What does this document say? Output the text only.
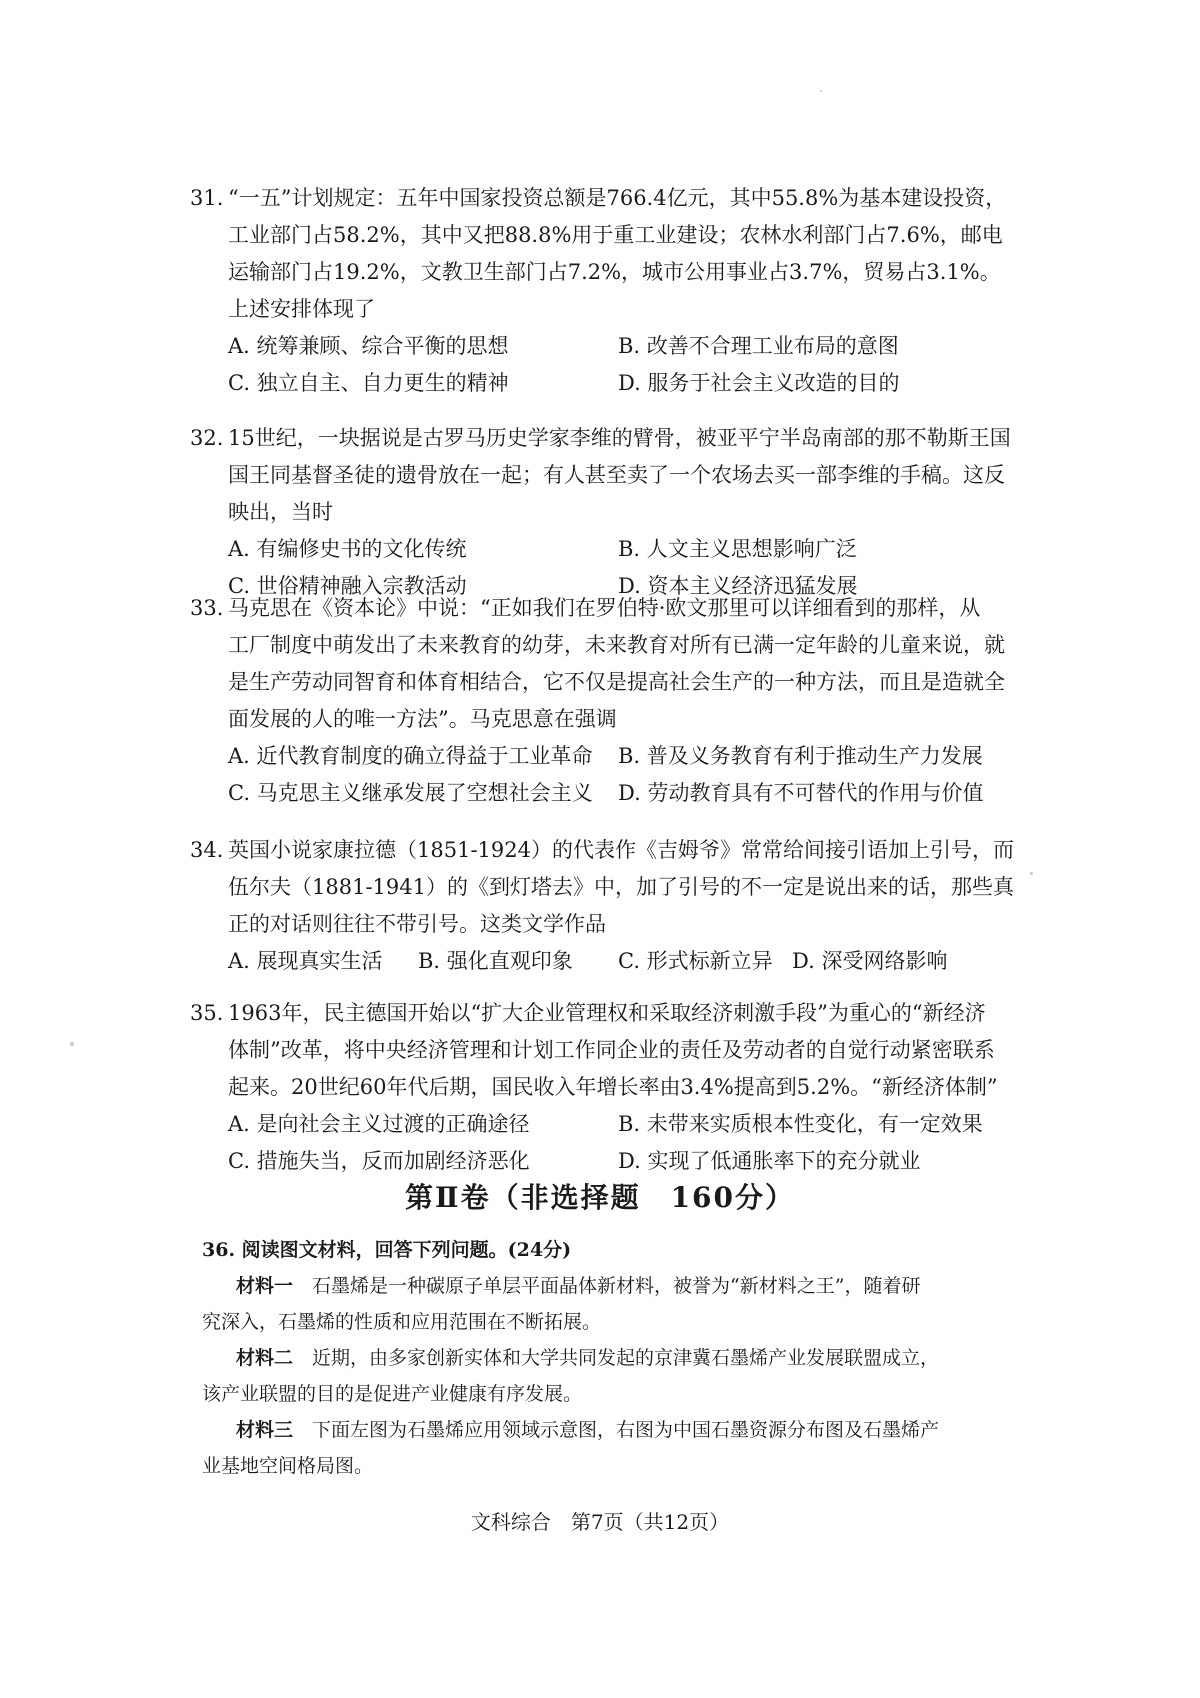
31. “一五”计划规定：五年中国家投资总额是766.4亿元，其中55.8%为基本建设投资，
工业部门占58.2%，其中又把88.8%用于重工业建设；农林水利部门占7.6%，邮电
运输部门占19.2%，文教卫生部门占7.2%，城市公用事业占3.7%，贸易占3.1%。
上述安排体现了
A. 统筹兼顾、综合平衡的思想	B. 改善不合理工业布局的意图
C. 独立自主、自力更生的精神	D. 服务于社会主义改造的目的
32. 15世纪，一块据说是古罗马历史学家李维的臂骨，被亚平宁半岛南部的那不勒斯王国
国王同基督圣徒的遗骨放在一起；有人甚至卖了一个农场去买一部李维的手稿。这反
映出，当时
A. 有编修史书的文化传统	B. 人文主义思想影响广泛
C. 世俗精神融入宗教活动	D. 资本主义经济迅猛发展
33. 马克思在《资本论》中说：“正如我们在罗伯特·欧文那里可以详细看到的那样，从
工厂制度中萌发出了未来教育的幼芽，未来教育对所有已满一定年龄的儿童来说，就
是生产劳动同智育和体育相结合，它不仅是提高社会生产的一种方法，而且是造就全
面发展的人的唯一方法”。马克思意在强调
A. 近代教育制度的确立得益于工业革命 B. 普及义务教育有利于推动生产力发展
C. 马克思主义继承发展了空想社会主义 D. 劳动教育具有不可替代的作用与价值
34. 英国小说家康拉德（1851-1924）的代表作《吉姆爷》常常给间接引语加上引号，而
伍尔夫（1881-1941）的《到灯塔去》中，加了引号的不一定是说出来的话，那些真
正的对话则往往不带引号。这类文学作品
A. 展现真实生活 B. 强化直观印象 C. 形式标新立异 D. 深受网络影响
35. 1963年，民主德国开始以“扩大企业管理权和采取经济刺激手段”为重心的“新经济
体制”改革，将中央经济管理和计划工作同企业的责任及劳动者的自觉行动紧密联系
起来。20世纪60年代后期，国民收入年增长率由3.4%提高到5.2%。“新经济体制”
A. 是向社会主义过渡的正确途径	B. 未带来实质根本性变化，有一定效果
C. 措施失当，反而加剧经济恶化	D. 实现了低通胀率下的充分就业
第Ⅱ卷（非选择题　160分）
36. 阅读图文材料，回答下列问题。(24分)
材料一　石墨烯是一种碳原子单层平面晶体新材料，被誉为“新材料之王”，随着研
究深入，石墨烯的性质和应用范围在不断拓展。
材料二　近期，由多家创新实体和大学共同发起的京津冀石墨烯产业发展联盟成立，
该产业联盟的目的是促进产业健康有序发展。
材料三　下面左图为石墨烯应用领域示意图，右图为中国石墨资源分布图及石墨烯产
业基地空间格局图。
文科综合　第7页（共12页）
